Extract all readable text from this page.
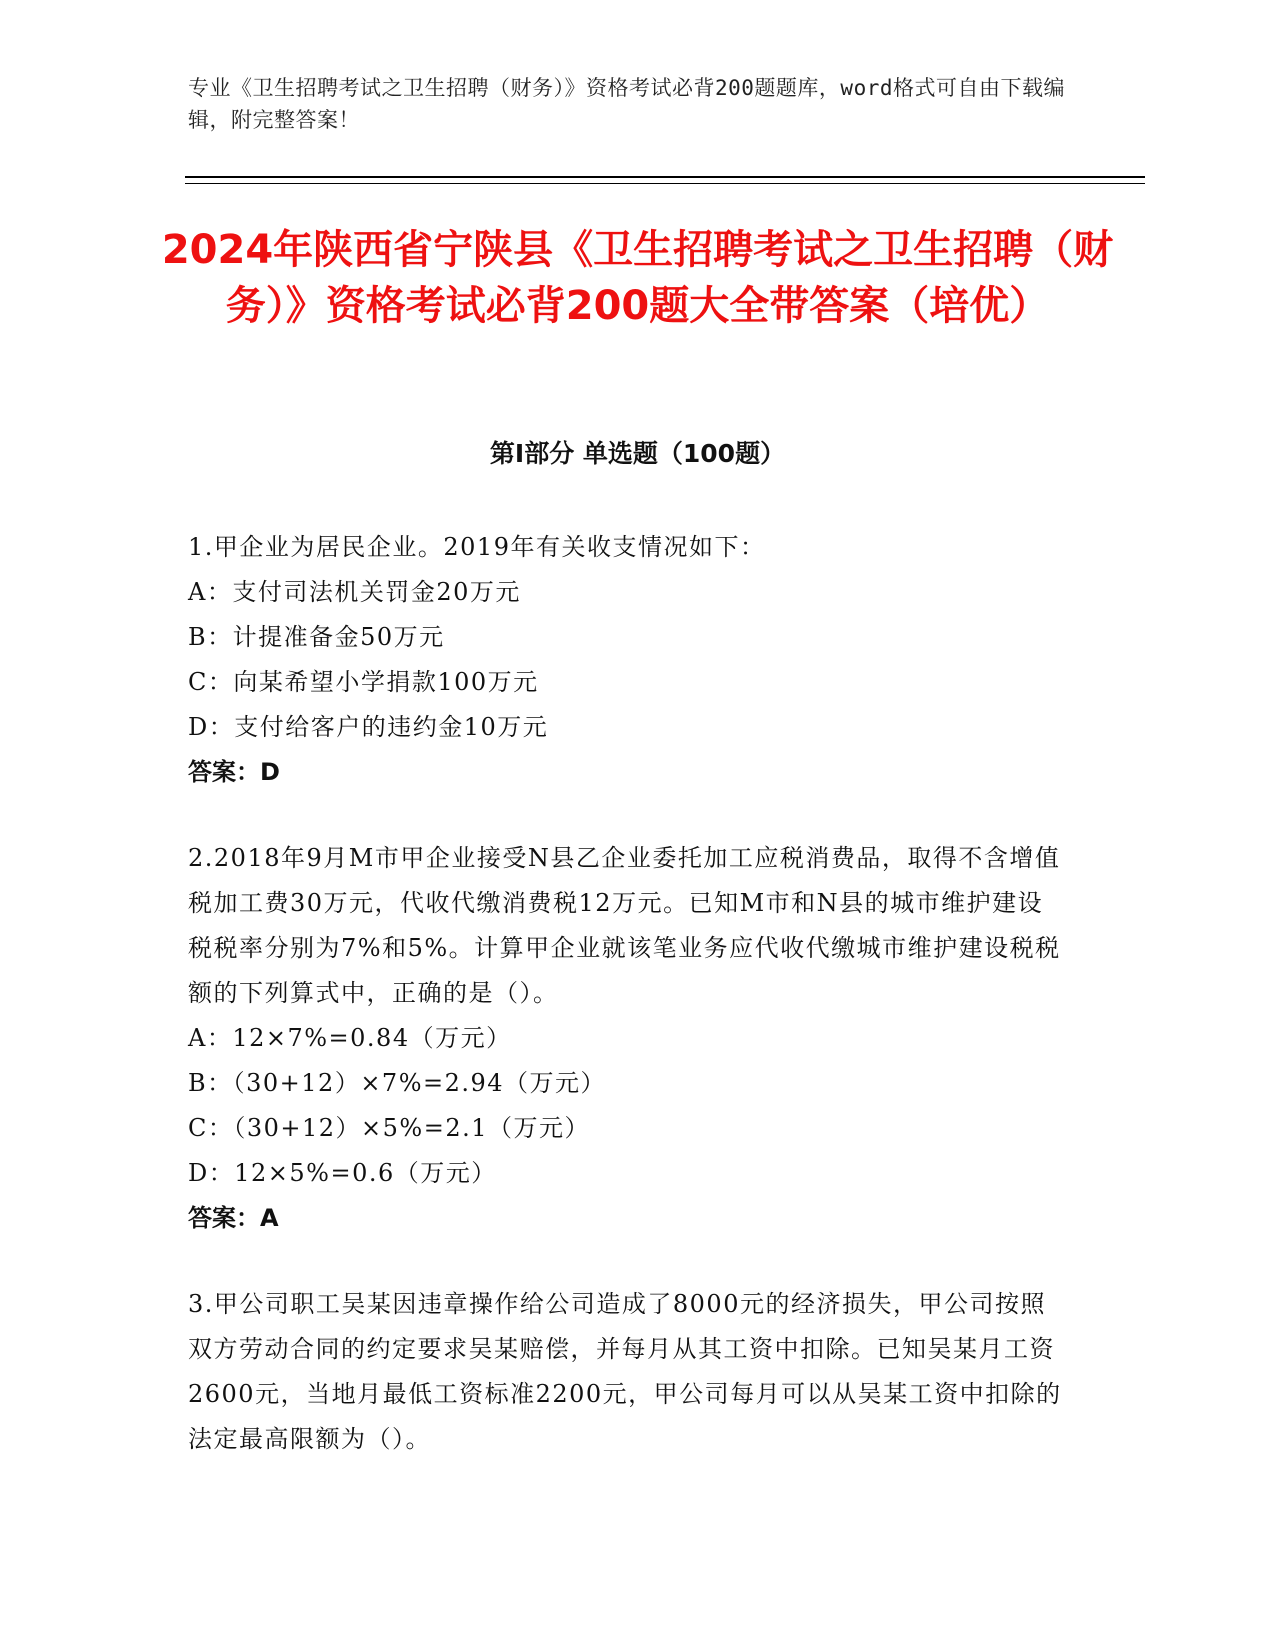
专业《卫生招聘考试之卫生招聘（财务）》资格考试必背200题题库，word格式可自由下载编辑，附完整答案！
2024年陕西省宁陕县《卫生招聘考试之卫生招聘（财务）》资格考试必背200题大全带答案（培优）
第I部分 单选题（100题）

1.甲企业为居民企业。2019年有关收支情况如下：

A：支付司法机关罚金20万元

B：计提准备金50万元

C：向某希望小学捐款100万元

D：支付给客户的违约金10万元

答案：D

2.2018年9月M市甲企业接受N县乙企业委托加工应税消费品，取得不含增值税加工费30万元，代收代缴消费税12万元。已知M市和N县的城市维护建设税税率分别为7%和5%。计算甲企业就该笔业务应代收代缴城市维护建设税税额的下列算式中，正确的是（）。

A：12×7%=0.84（万元）

B：（30+12）×7%=2.94（万元）

C：（30+12）×5%=2.1（万元）

D：12×5%=0.6（万元）

答案：A

3.甲公司职工吴某因违章操作给公司造成了8000元的经济损失，甲公司按照双方劳动合同的约定要求吴某赔偿，并每月从其工资中扣除。已知吴某月工资2600元，当地月最低工资标准2200元，甲公司每月可以从吴某工资中扣除的法定最高限额为（）。
